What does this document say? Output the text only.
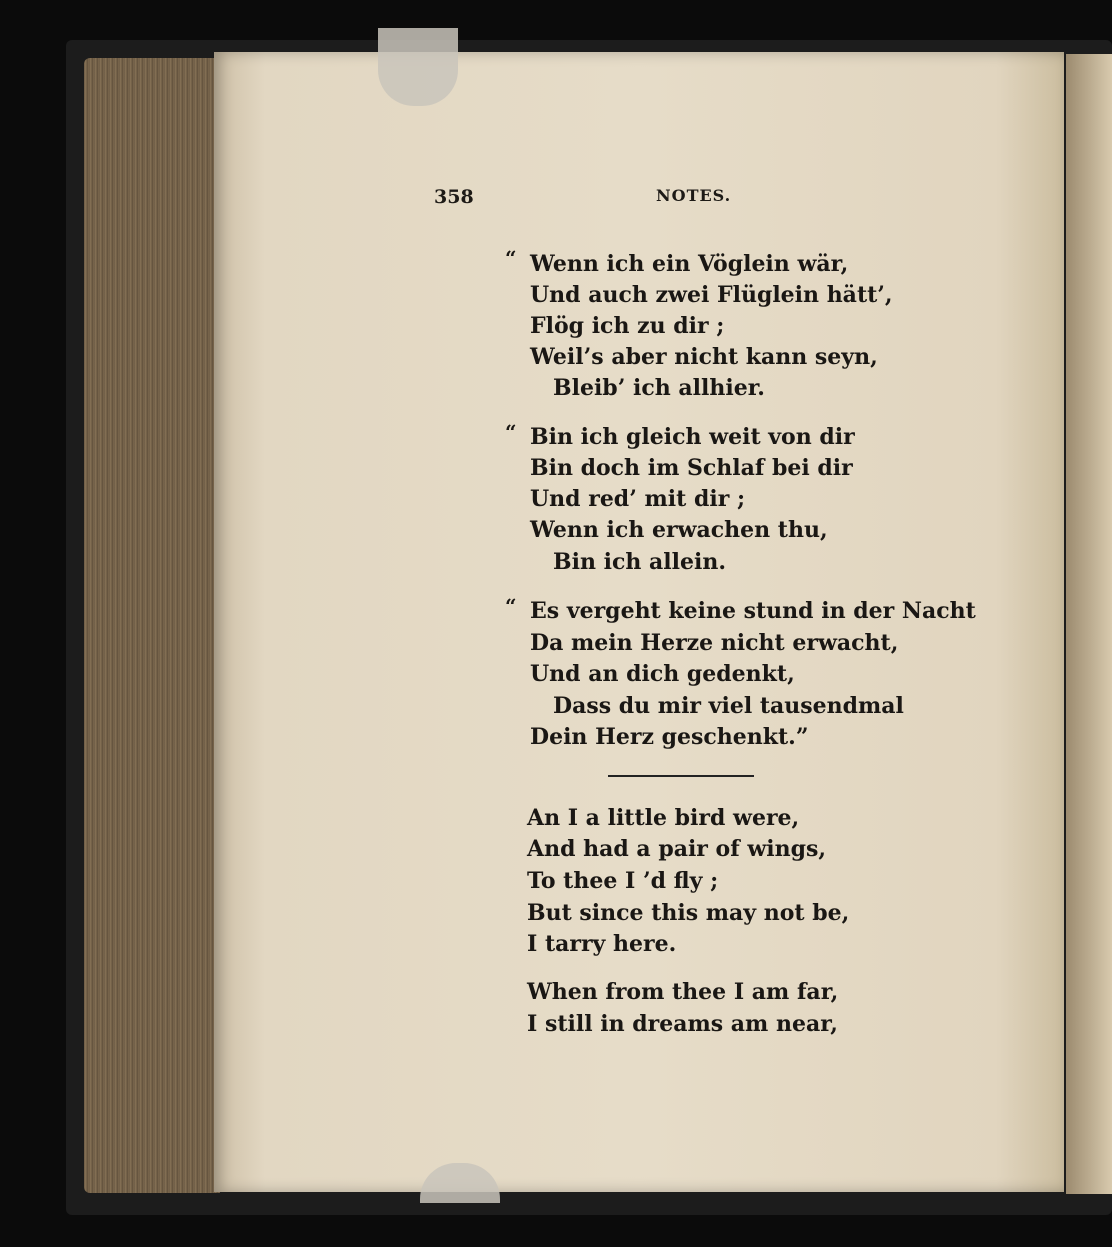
358	NOTES.
“ Wenn ich ein Vöglein wär,
Und auch zwei Flüglein hätt’,
Flög ich zu dir ;
Weil’s aber nicht kann seyn,
Bleib’ ich allhier.
“ Bin ich gleich weit von dir
Bin doch im Schlaf bei dir
Und red’ mit dir ;
Wenn ich erwachen thu,
Bin ich allein.
“ Es vergeht keine stund in der Nacht
Da mein Herze nicht erwacht,
Und an dich gedenkt,
Dass du mir viel tausendmal
Dein Herz geschenkt.”
An I a little bird were,
And had a pair of wings,
To thee I ’d fly ;
But since this may not be,
I tarry here.
When from thee I am far,
I still in dreams am near,
